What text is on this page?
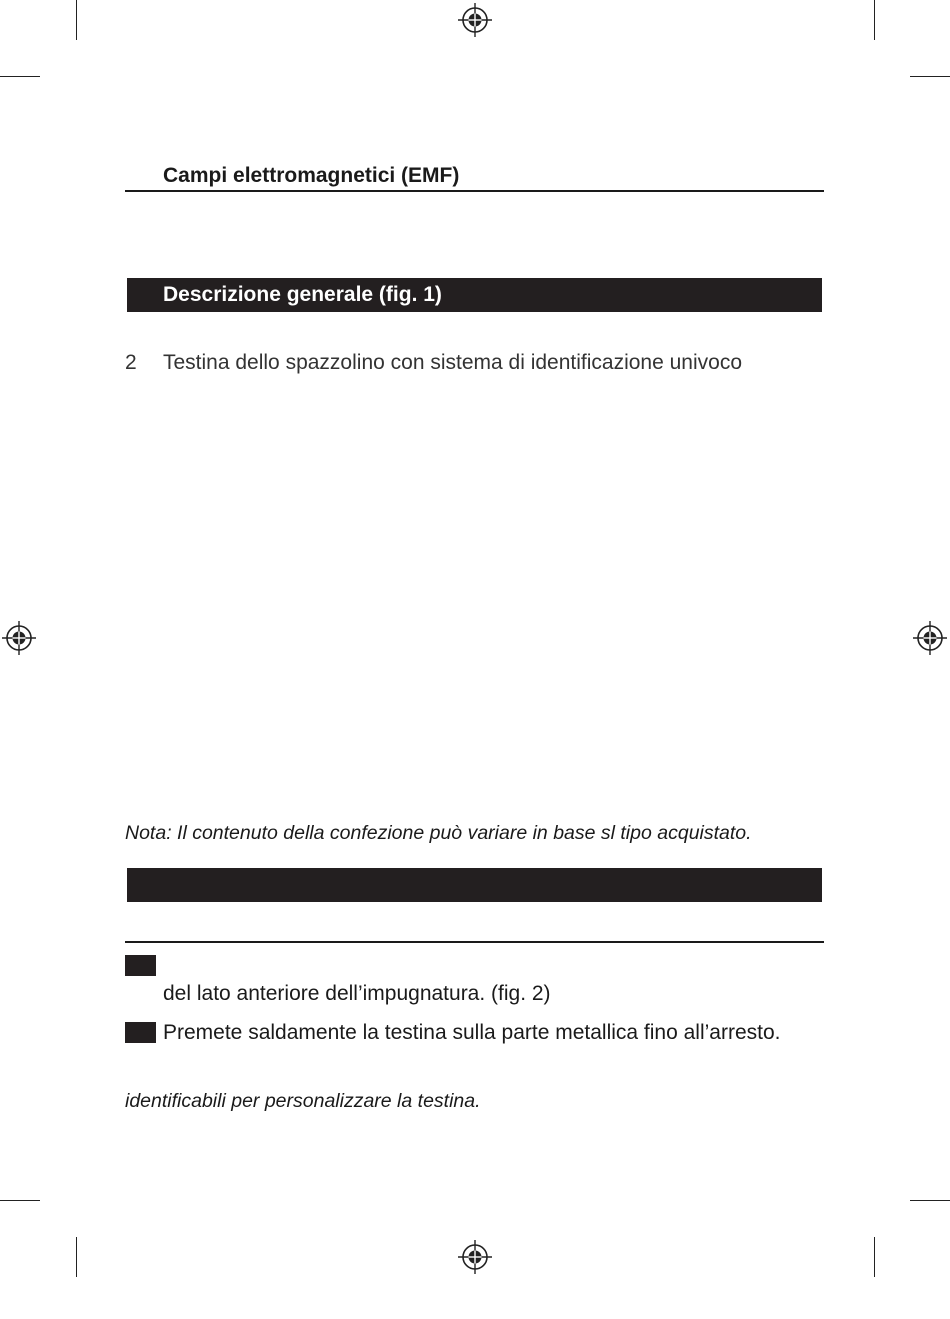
Campi elettromagnetici (EMF)
Descrizione generale (fig. 1)
2 Testina dello spazzolino con sistema di identificazione univoco
Nota: Il contenuto della confezione può variare in base sl tipo acquistato.
del lato anteriore dell’impugnatura. (fig. 2)
Premete saldamente la testina sulla parte metallica fino all’arresto.
identificabili per personalizzare la testina.
